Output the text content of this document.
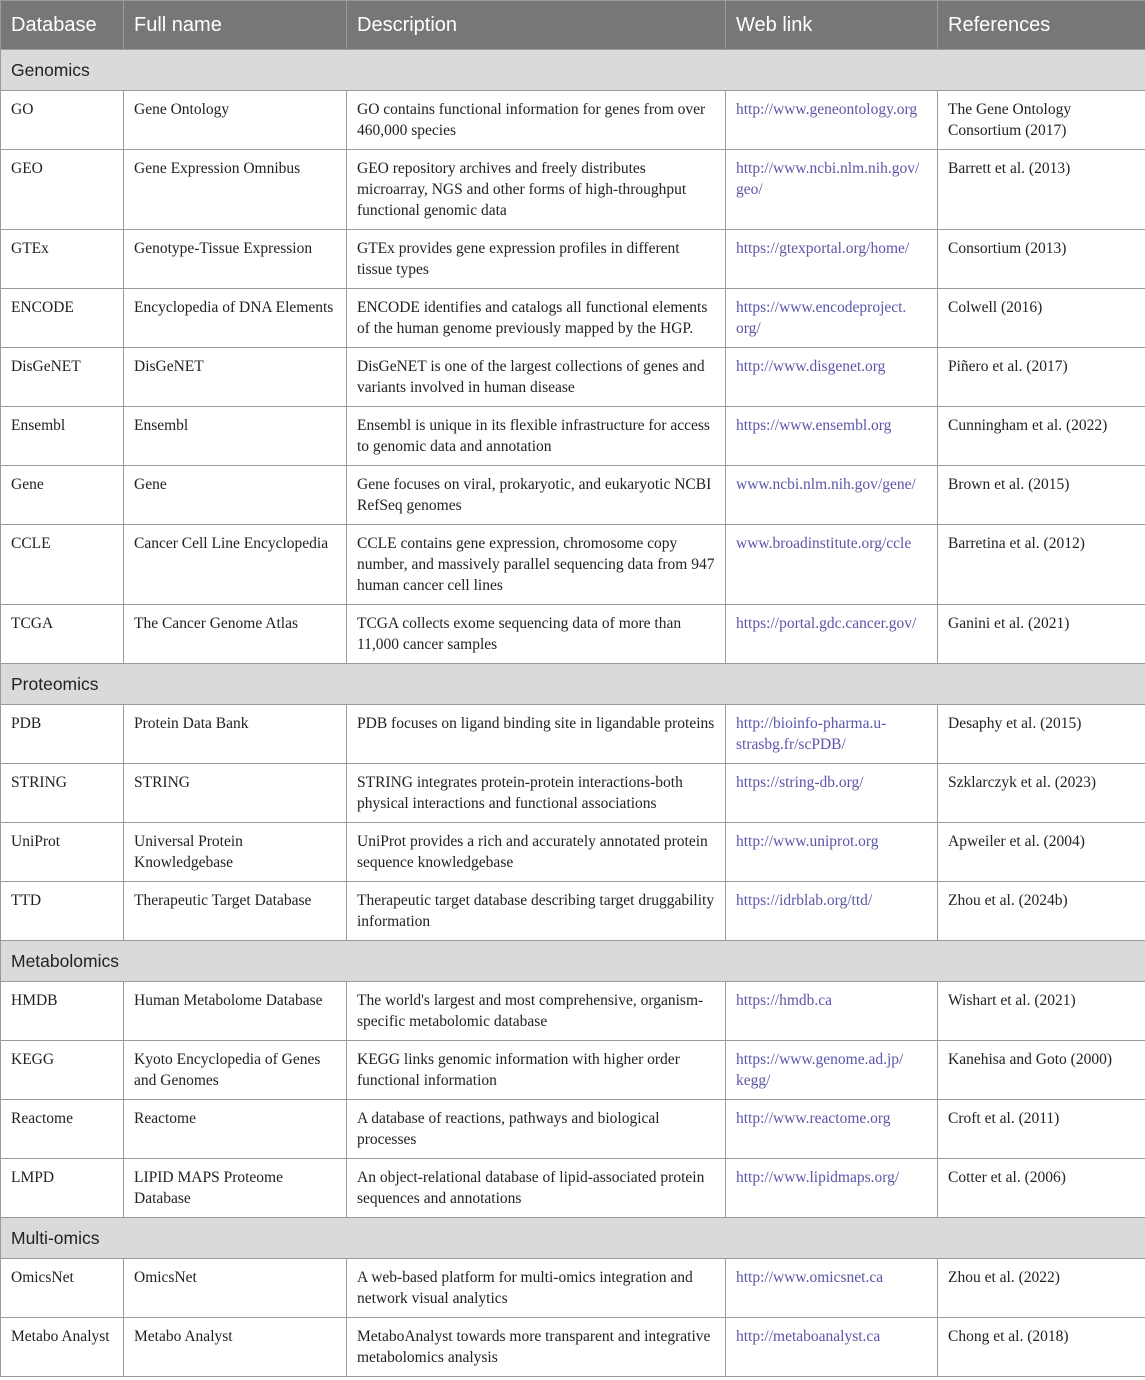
Database	Full name	Description	Web link	References
Genomics				
GO	Gene Ontology	GO contains functional information for genes from over 460,000 species	http://www.geneontology.org	The Gene Ontology Consortium (2017)
GEO	Gene Expression Omnibus	GEO repository archives and freely distributes microarray, NGS and other forms of high-throughput functional genomic data	http://www.ncbi.nlm.nih.gov/ geo/	Barrett et al. (2013)
GTEx	Genotype-Tissue Expression	GTEx provides gene expression profiles in different tissue types	https://gtexportal.org/home/	Consortium (2013)
ENCODE	Encyclopedia of DNA Elements	ENCODE identifies and catalogs all functional elements of the human genome previously mapped by the HGP.	https://www.encodeproject. org/	Colwell (2016)
DisGeNET	DisGeNET	DisGeNET is one of the largest collections of genes and variants involved in human disease	http://www.disgenet.org	Piñero et al. (2017)
Ensembl	Ensembl	Ensembl is unique in its flexible infrastructure for access to genomic data and annotation	https://www.ensembl.org	Cunningham et al. (2022)
Gene	Gene	Gene focuses on viral, prokaryotic, and eukaryotic NCBI RefSeq genomes	www.ncbi.nlm.nih.gov/gene/	Brown et al. (2015)
CCLE	Cancer Cell Line Encyclopedia	CCLE contains gene expression, chromosome copy number, and massively parallel sequencing data from 947 human cancer cell lines	www.broadinstitute.org/ccle	Barretina et al. (2012)
TCGA	The Cancer Genome Atlas	TCGA collects exome sequencing data of more than 11,000 cancer samples	https://portal.gdc.cancer.gov/	Ganini et al. (2021)
Proteomics				
PDB	Protein Data Bank	PDB focuses on ligand binding site in ligandable proteins	http://bioinfo-pharma.u-strasbg.fr/scPDB/	Desaphy et al. (2015)
STRING	STRING	STRING integrates protein-protein interactions-both physical interactions and functional associations	https://string-db.org/	Szklarczyk et al. (2023)
UniProt	Universal Protein Knowledgebase	UniProt provides a rich and accurately annotated protein sequence knowledgebase	http://www.uniprot.org	Apweiler et al. (2004)
TTD	Therapeutic Target Database	Therapeutic target database describing target druggability information	https://idrblab.org/ttd/	Zhou et al. (2024b)
Metabolomics				
HMDB	Human Metabolome Database	The world's largest and most comprehensive, organism-specific metabolomic database	https://hmdb.ca	Wishart et al. (2021)
KEGG	Kyoto Encyclopedia of Genes and Genomes	KEGG links genomic information with higher order functional information	https://www.genome.ad.jp/ kegg/	Kanehisa and Goto (2000)
Reactome	Reactome	A database of reactions, pathways and biological processes	http://www.reactome.org	Croft et al. (2011)
LMPD	LIPID MAPS Proteome Database	An object-relational database of lipid-associated protein sequences and annotations	http://www.lipidmaps.org/	Cotter et al. (2006)
Multi-omics				
OmicsNet	OmicsNet	A web-based platform for multi-omics integration and network visual analytics	http://www.omicsnet.ca	Zhou et al. (2022)
Metabo Analyst	Metabo Analyst	MetaboAnalyst towards more transparent and integrative metabolomics analysis	http://metaboanalyst.ca	Chong et al. (2018)
